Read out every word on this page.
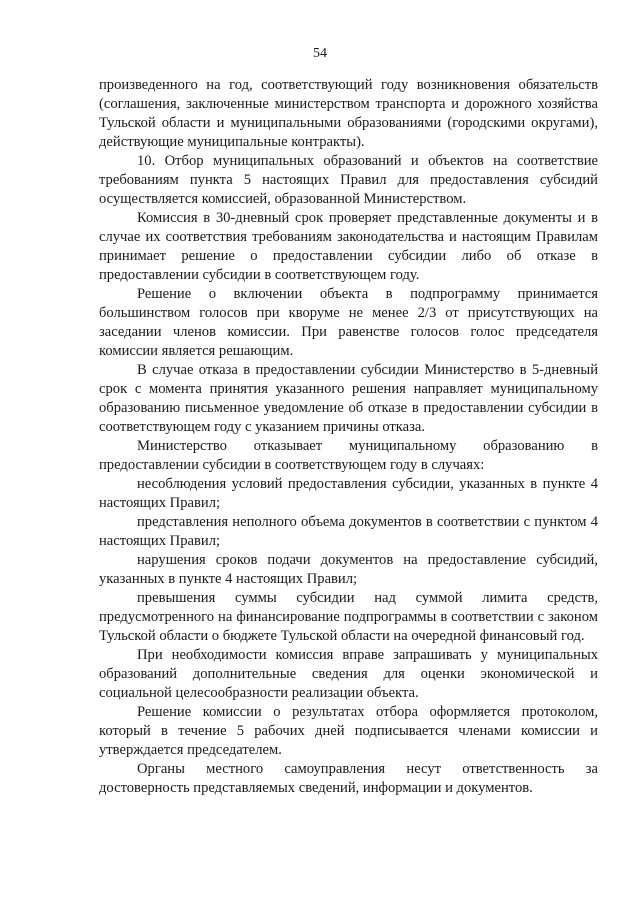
54

произведенного на год, соответствующий году возникновения обязательств (соглашения, заключенные министерством транспорта и дорожного хозяйства Тульской области и муниципальными образованиями (городскими округами), действующие муниципальные контракты).

10. Отбор муниципальных образований и объектов на соответствие требованиям пункта 5 настоящих Правил для предоставления субсидий осуществляется комиссией, образованной Министерством.

Комиссия в 30-дневный срок проверяет представленные документы и в случае их соответствия требованиям законодательства и настоящим Правилам принимает решение о предоставлении субсидии либо об отказе в предоставлении субсидии в соответствующем году.

Решение о включении объекта в подпрограмму принимается большинством голосов при кворуме не менее 2/3 от присутствующих на заседании членов комиссии. При равенстве голосов голос председателя комиссии является решающим.

В случае отказа в предоставлении субсидии Министерство в 5-дневный срок с момента принятия указанного решения направляет муниципальному образованию письменное уведомление об отказе в предоставлении субсидии в соответствующем году с указанием причины отказа.

Министерство отказывает муниципальному образованию в предоставлении субсидии в соответствующем году в случаях:

несоблюдения условий предоставления субсидии, указанных в пункте 4 настоящих Правил;

представления неполного объема документов в соответствии с пунктом 4 настоящих Правил;

нарушения сроков подачи документов на предоставление субсидий, указанных в пункте 4 настоящих Правил;

превышения суммы субсидии над суммой лимита средств, предусмотренного на финансирование подпрограммы в соответствии с законом Тульской области о бюджете Тульской области на очередной финансовый год.

При необходимости комиссия вправе запрашивать у муниципальных образований дополнительные сведения для оценки экономической и социальной целесообразности реализации объекта.

Решение комиссии о результатах отбора оформляется протоколом, который в течение 5 рабочих дней подписывается членами комиссии и утверждается председателем.

Органы местного самоуправления несут ответственность за достоверность представляемых сведений, информации и документов.
